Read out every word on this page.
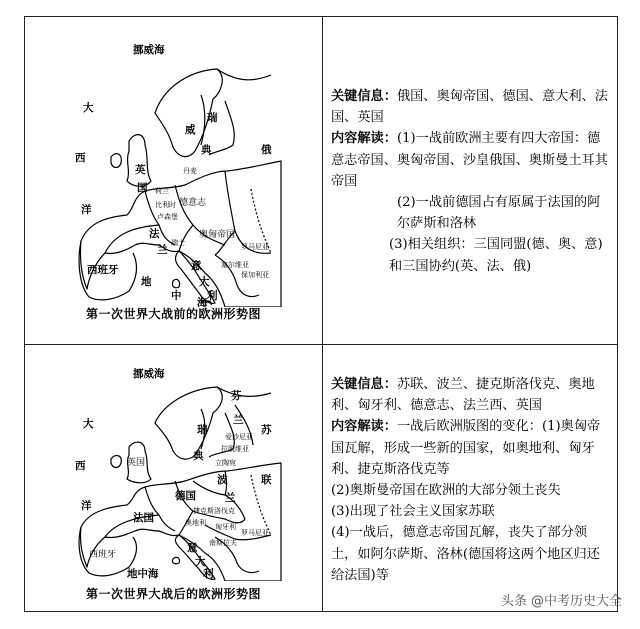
挪威海
大
西
洋
瑞
典
威
俄
英
国
德意志
法
兰
奥匈帝国
西班牙	意
大
利
地
中
海
丹麦
荷兰
比利时
卢森堡
瑞士	罗马尼亚
塞尔维亚
保加利亚
第一次世界大战前的欧洲形势图

关键信息：俄国、奥匈帝国、德国、意大利、法国、英国

内容解读：(1)一战前欧洲主要有四大帝国：德意志帝国、奥匈帝国、沙皇俄国、奥斯曼土耳其帝国

(2)一战前德国占有原属于法国的阿尔萨斯和洛林

(3)相关组织：三国同盟(德、奥、意)和三国协约(英、法、俄)

挪威海
大
西
洋
瑞
典
芬
兰
爱沙尼亚
拉脱维亚
立陶宛
苏
联
英国
德国
波
兰
法国
捷克斯洛伐克
奥地利 匈牙利
罗马尼亚
南斯拉夫
意
大
利
地中海
西班牙
第一次世界大战后的欧洲形势图

关键信息：苏联、波兰、捷克斯洛伐克、奥地利、匈牙利、德意志、法兰西、英国

内容解读：一战后欧洲版图的变化：(1)奥匈帝国瓦解，形成一些新的国家，如奥地利、匈牙利、捷克斯洛伐克等

(2)奥斯曼帝国在欧洲的大部分领土丧失

(3)出现了社会主义国家苏联

(4)一战后，德意志帝国瓦解，丧失了部分领土，如阿尔萨斯、洛林(德国将这两个地区归还给法国)等

头条 @中考历史大全
